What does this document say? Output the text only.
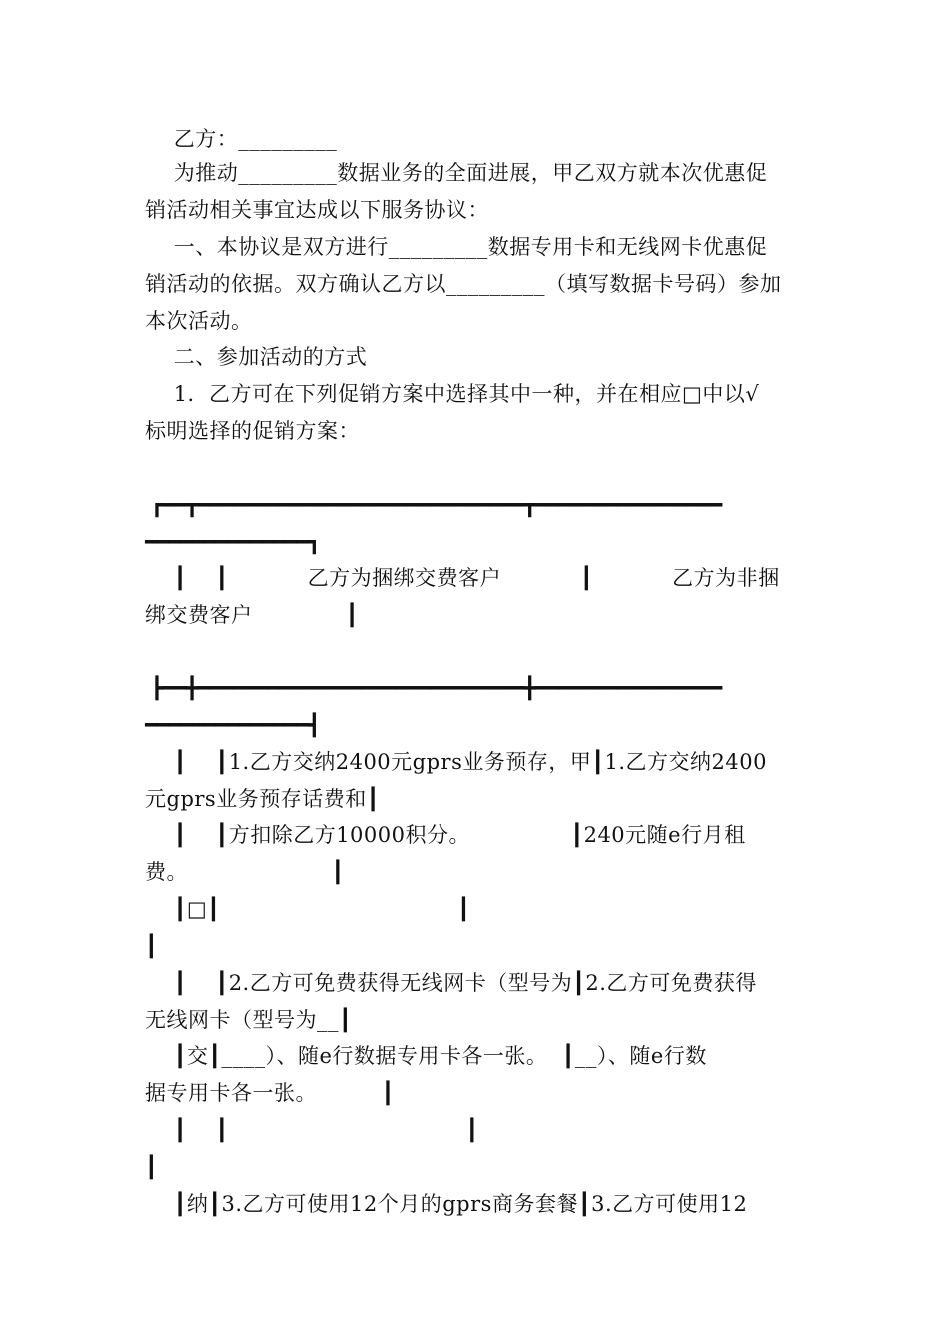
乙方：_________
为推动_________数据业务的全面进展，甲乙双方就本次优惠促
销活动相关事宜达成以下服务协议：
一、本协议是双方进行_________数据专用卡和无线网卡优惠促
销活动的依据。双方确认乙方以_________（填写数据卡号码）参加
本次活动。
二、参加活动的方式
1．乙方可在下列促销方案中选择其中一种，并在相应□中以√
标明选择的促销方案：
┏━━┳━━━━━━━━━━━━━━━━━━━━━━━━━━━━┳━━━━━━━━━━━━━━━━
━━━━━━━━━━━━━━┓
┃    ┃           乙方为捆绑交费客户           ┃           乙方为非捆
绑交费客户             ┃
┣━━╋━━━━━━━━━━━━━━━━━━━━━━━━━━━━╋━━━━━━━━━━━━━━━━
━━━━━━━━━━━━━━┫
┃    ┃1.乙方交纳2400元gprs业务预存，甲┃1.乙方交纳2400
元gprs业务预存话费和┃
┃    ┃方扣除乙方10000积分。              ┃240元随e行月租
费。                    ┃
┃□┃                                 ┃
┃
┃    ┃2.乙方可免费获得无线网卡（型号为┃2.乙方可免费获得
无线网卡（型号为__┃
┃交┃____）、随e行数据专用卡各一张。  ┃__）、随e行数
据专用卡各一张。         ┃
┃    ┃                                 ┃
┃
┃纳┃3.乙方可使用12个月的gprs商务套餐┃3.乙方可使用12
